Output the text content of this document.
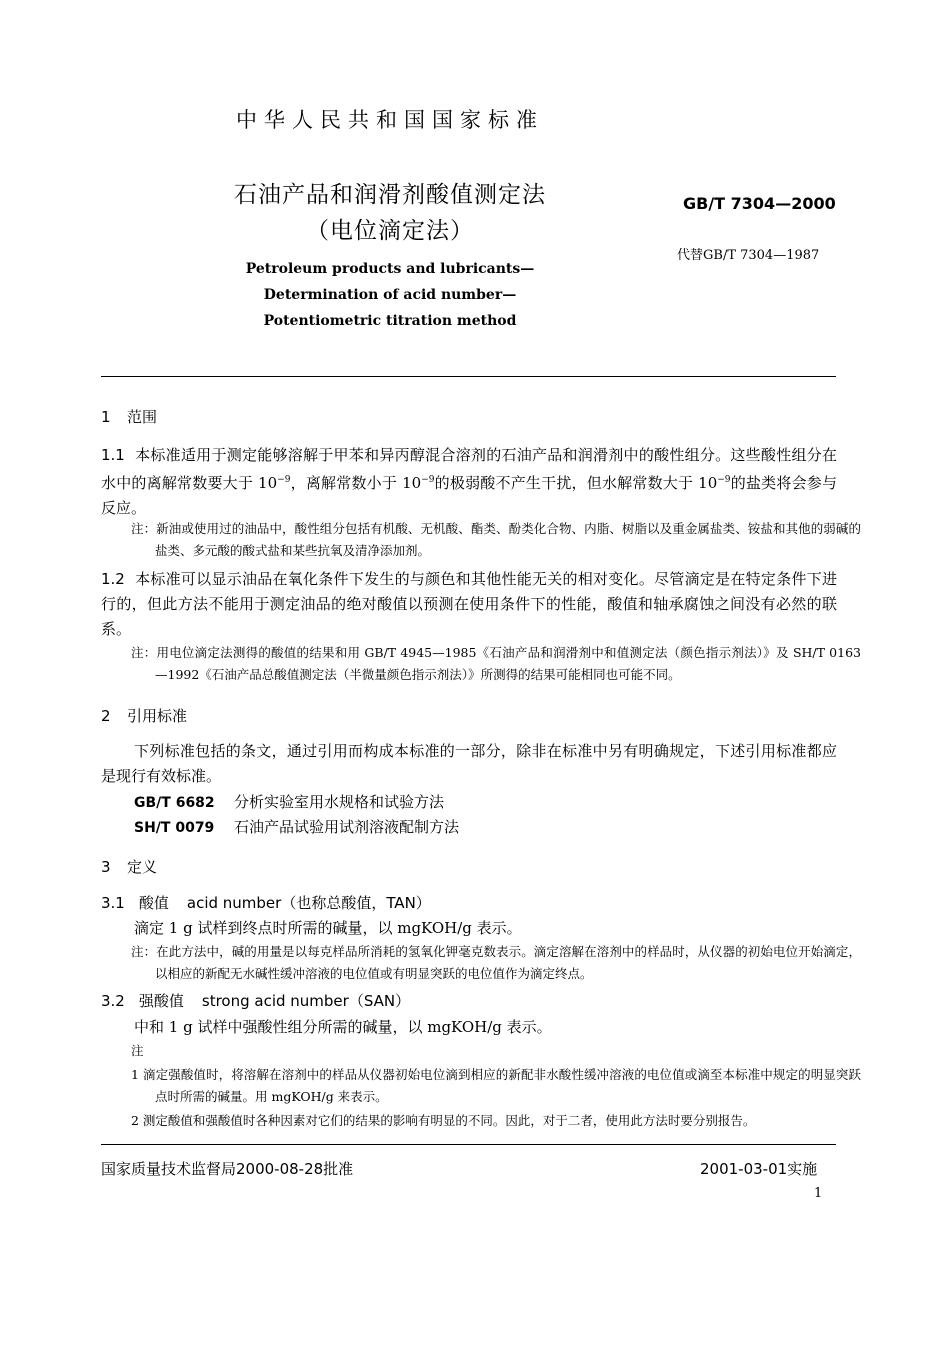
中华人民共和国国家标准
石油产品和润滑剂酸值测定法
（电位滴定法）
GB/T 7304—2000
代替GB/T 7304—1987
Petroleum products and lubricants—
Determination of acid number—
Potentiometric titration method
1 范围
1.1 本标准适用于测定能够溶解于甲苯和异丙醇混合溶剂的石油产品和润滑剂中的酸性组分。这些酸性组分在水中的离解常数要大于 $10^{-9}$，离解常数小于 $10^{-9}$的极弱酸不产生干扰，但水解常数大于 $10^{-9}$的盐类将会参与反应。
注：新油或使用过的油品中，酸性组分包括有机酸、无机酸、酯类、酚类化合物、内脂、树脂以及重金属盐类、铵盐和其他的弱碱的盐类、多元酸的酸式盐和某些抗氧及清净添加剂。
1.2 本标准可以显示油品在氧化条件下发生的与颜色和其他性能无关的相对变化。尽管滴定是在特定条件下进行的，但此方法不能用于测定油品的绝对酸值以预测在使用条件下的性能，酸值和轴承腐蚀之间没有必然的联系。
注：用电位滴定法测得的酸值的结果和用 GB/T 4945—1985《石油产品和润滑剂中和值测定法（颜色指示剂法）》及 SH/T 0163—1992《石油产品总酸值测定法（半微量颜色指示剂法）》所测得的结果可能相同也可能不同。
2 引用标准
下列标准包括的条文，通过引用而构成本标准的一部分，除非在标准中另有明确规定，下述引用标准都应是现行有效标准。
GB/T 6682 分析实验室用水规格和试验方法
SH/T 0079 石油产品试验用试剂溶液配制方法
3 定义
3.1 酸值 acid number（也称总酸值，TAN）
滴定 1 g 试样到终点时所需的碱量，以 mgKOH/g 表示。
注：在此方法中，碱的用量是以每克样品所消耗的氢氧化钾毫克数表示。滴定溶解在溶剂中的样品时，从仪器的初始电位开始滴定，以相应的新配无水碱性缓冲溶液的电位值或有明显突跃的电位值作为滴定终点。
3.2 强酸值 strong acid number（SAN）
中和 1 g 试样中强酸性组分所需的碱量，以 mgKOH/g 表示。
注
1 滴定强酸值时，将溶解在溶剂中的样品从仪器初始电位滴到相应的新配非水酸性缓冲溶液的电位值或滴至本标准中规定的明显突跃点时所需的碱量。用 mgKOH/g 来表示。
2 测定酸值和强酸值时各种因素对它们的结果的影响有明显的不同。因此，对于二者，使用此方法时要分别报告。
国家质量技术监督局2000-08-28批准	2001-03-01实施
1
